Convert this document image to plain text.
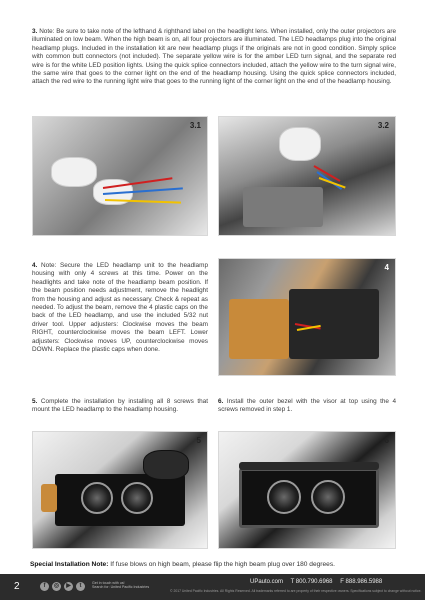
3. Note: Be sure to take note of the lefthand & righthand label on the headlight lens. When installed, only the outer projectors are illuminated on low beam. When the high beam is on, all four projectors are illuminated. The LED headlamps plug into the original headlamp plugs. Included in the installation kit are new headlamp plugs if the originals are not in good condition. Simply splice with common butt connectors (not included). The separate yellow wire is for the amber LED turn signal, and the separate red wire is for the white LED position lights. Using the quick splice connectors included, attach the yellow wire to the turn signal wire, the same wire that goes to the corner light on the end of the headlamp housing. Using the quick splice connectors included, attach the red wire to the running light wire that goes to the running light of the corner light on the end of the headlamp housing.
3.1	3.2
4. Note: Secure the LED headlamp unit to the headlamp housing with only 4 screws at this time. Power on the headlights and take note of the headlamp beam position. If the beam position needs adjustment, remove the headlight from the housing and adjust as necessary. Check & repeat as needed. To adjust the beam, remove the 4 plastic caps on the back of the LED headlamp, and use the included 5/32 nut driver tool. Upper adjusters: Clockwise moves the beam RIGHT, counterclockwise moves the beam LEFT. Lower adjusters: Clockwise moves UP, counterclockwise moves DOWN. Replace the plastic caps when done.
4
5. Complete the installation by installing all 8 screws that mount the LED headlamp to the headlamp housing.
6. Install the outer bezel with the visor at top using the 4 screws removed in step 1.
5	6
Special Installation Note: If fuse blows on high beam, please flip the high beam plug over 180 degrees.
2	f	◎	▶	t	Get in touch with us!
Search for: United Pacific Industries
UPauto.com T 800.790.6968 F 888.986.5988
© 2017 United Pacific Industries. All Rights Reserved. All trademarks referred to are property of their respective owners. Specifications subject to change without notice.
